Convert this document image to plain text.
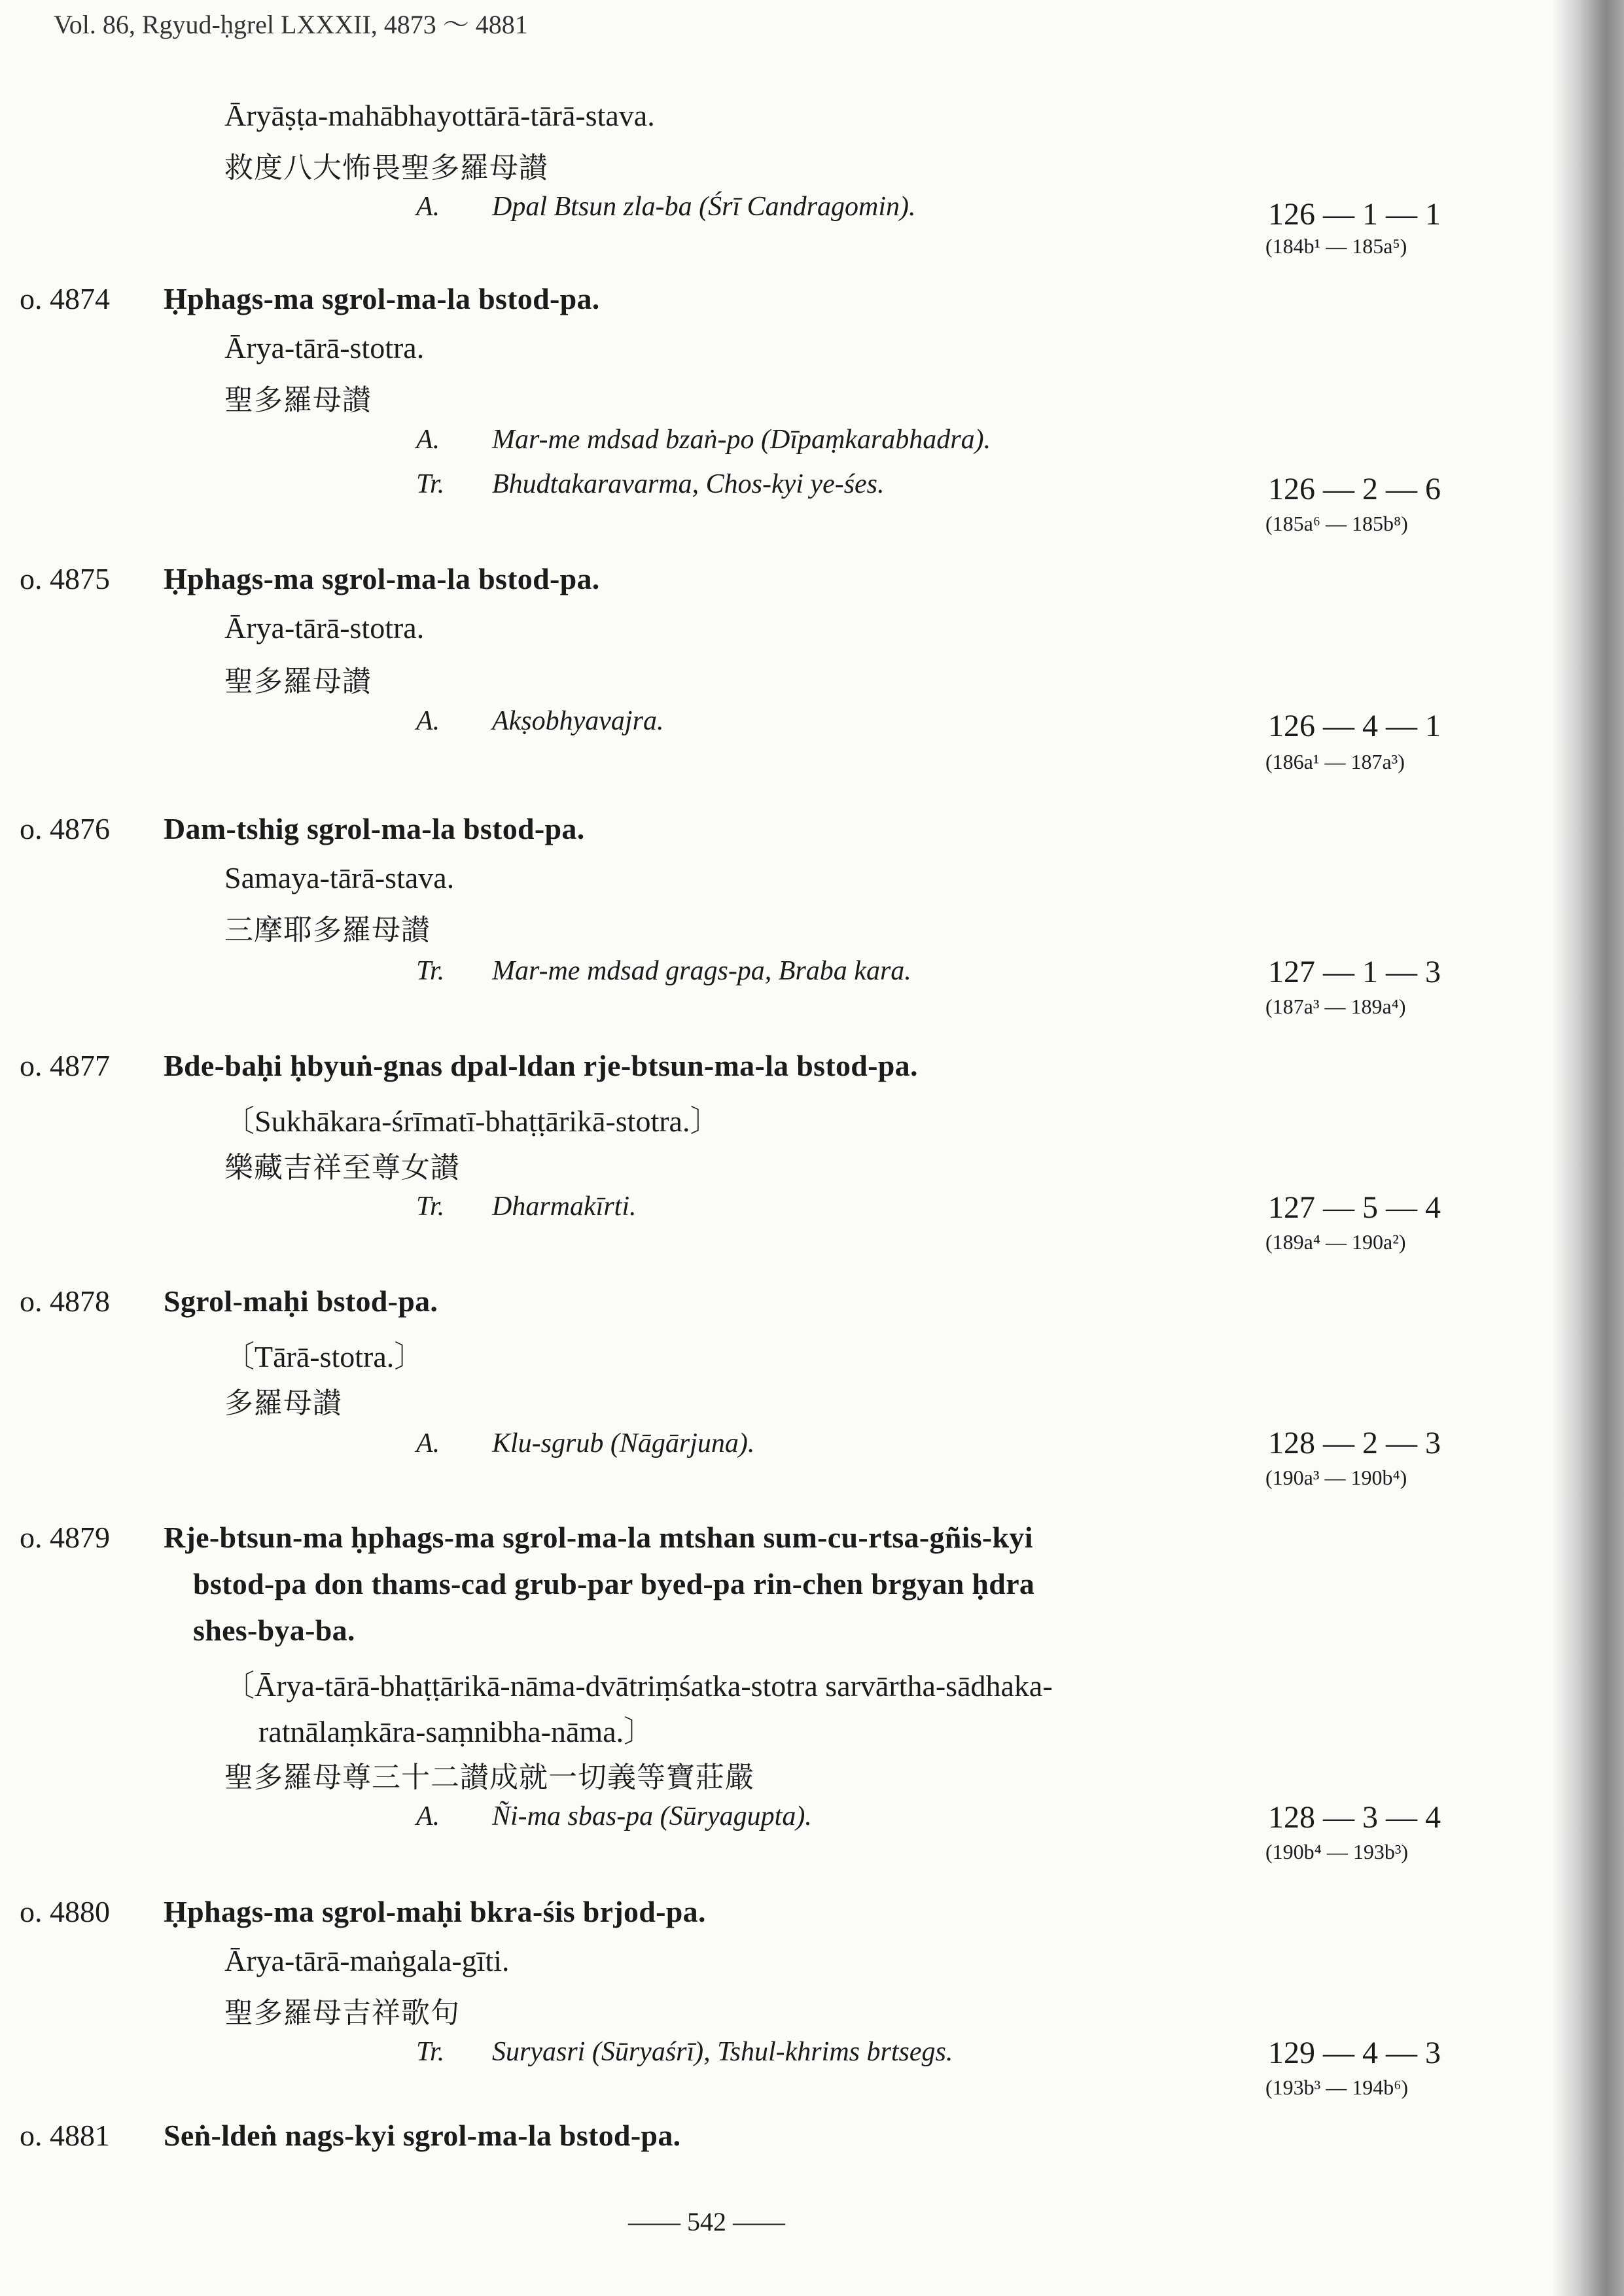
Vol. 86, Rgyud-ḥgrel LXXXII, 4873 ～ 4881
Āryāṣṭa-mahābhayottārā-tārā-stava.
救度八大怖畏聖多羅母讃
A. Dpal Btsun zla-ba (Śrī Candragomin).	126 — 1 — 1
(184b¹ — 185a⁵)
o. 4874 Ḥphags-ma sgrol-ma-la bstod-pa.
Ārya-tārā-stotra.
聖多羅母讃
A. Mar-me mdsad bzaṅ-po (Dīpaṃkarabhadra).
Tr. Bhudtakaravarma, Chos-kyi ye-śes.	126 — 2 — 6
(185a⁶ — 185b⁸)
o. 4875 Ḥphags-ma sgrol-ma-la bstod-pa.
Ārya-tārā-stotra.
聖多羅母讃
A. Akṣobhyavajra.	126 — 4 — 1
(186a¹ — 187a³)
o. 4876 Dam-tshig sgrol-ma-la bstod-pa.
Samaya-tārā-stava.
三摩耶多羅母讃
Tr. Mar-me mdsad grags-pa, Braba kara.	127 — 1 — 3
(187a³ — 189a⁴)
o. 4877 Bde-baḥi ḥbyuṅ-gnas dpal-ldan rje-btsun-ma-la bstod-pa.
〔Sukhākara-śrīmatī-bhaṭṭārikā-stotra.〕
樂藏吉祥至尊女讃
Tr. Dharmakīrti.	127 — 5 — 4
(189a⁴ — 190a²)
o. 4878 Sgrol-maḥi bstod-pa.
〔Tārā-stotra.〕
多羅母讃
A. Klu-sgrub (Nāgārjuna).	128 — 2 — 3
(190a³ — 190b⁴)
o. 4879 Rje-btsun-ma ḥphags-ma sgrol-ma-la mtshan sum-cu-rtsa-gñis-kyi
bstod-pa don thams-cad grub-par byed-pa rin-chen brgyan ḥdra
shes-bya-ba.
〔Ārya-tārā-bhaṭṭārikā-nāma-dvātriṃśatka-stotra sarvārtha-sādhaka-
ratnālaṃkāra-saṃnibha-nāma.〕
聖多羅母尊三十二讃成就一切義等寶莊嚴
A. Ñi-ma sbas-pa (Sūryagupta).	128 — 3 — 4
(190b⁴ — 193b³)
o. 4880 Ḥphags-ma sgrol-maḥi bkra-śis brjod-pa.
Ārya-tārā-maṅgala-gīti.
聖多羅母吉祥歌句
Tr. Suryasri (Sūryaśrī), Tshul-khrims brtsegs.	129 — 4 — 3
(193b³ — 194b⁶)
o. 4881 Seṅ-ldeṅ nags-kyi sgrol-ma-la bstod-pa.
—— 542 ——
